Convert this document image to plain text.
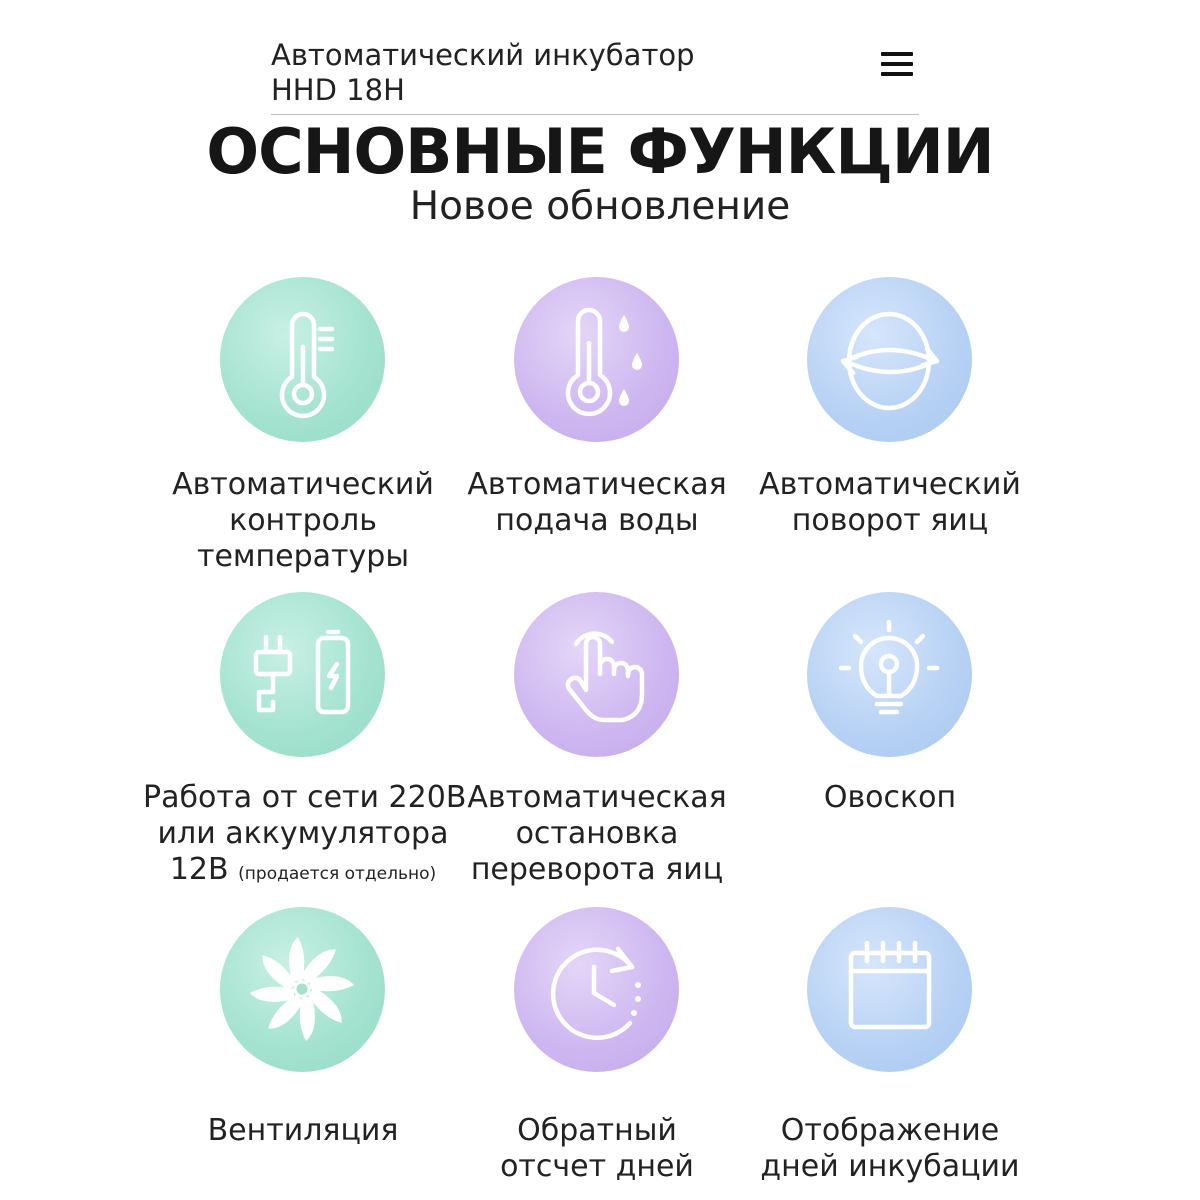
Автоматический инкубатор
HHD 18H
ОСНОВНЫЕ ФУНКЦИИ
Новое обновление
Автоматический
контроль
температуры
Автоматическая
подача воды
Автоматический
поворот яиц
Работа от сети 220В
или аккумулятора
12В (продается отдельно)
Автоматическая
остановка
переворота яиц
Овоскоп
Вентиляция	Обратный
отсчет дней
Отображение
дней инкубации
